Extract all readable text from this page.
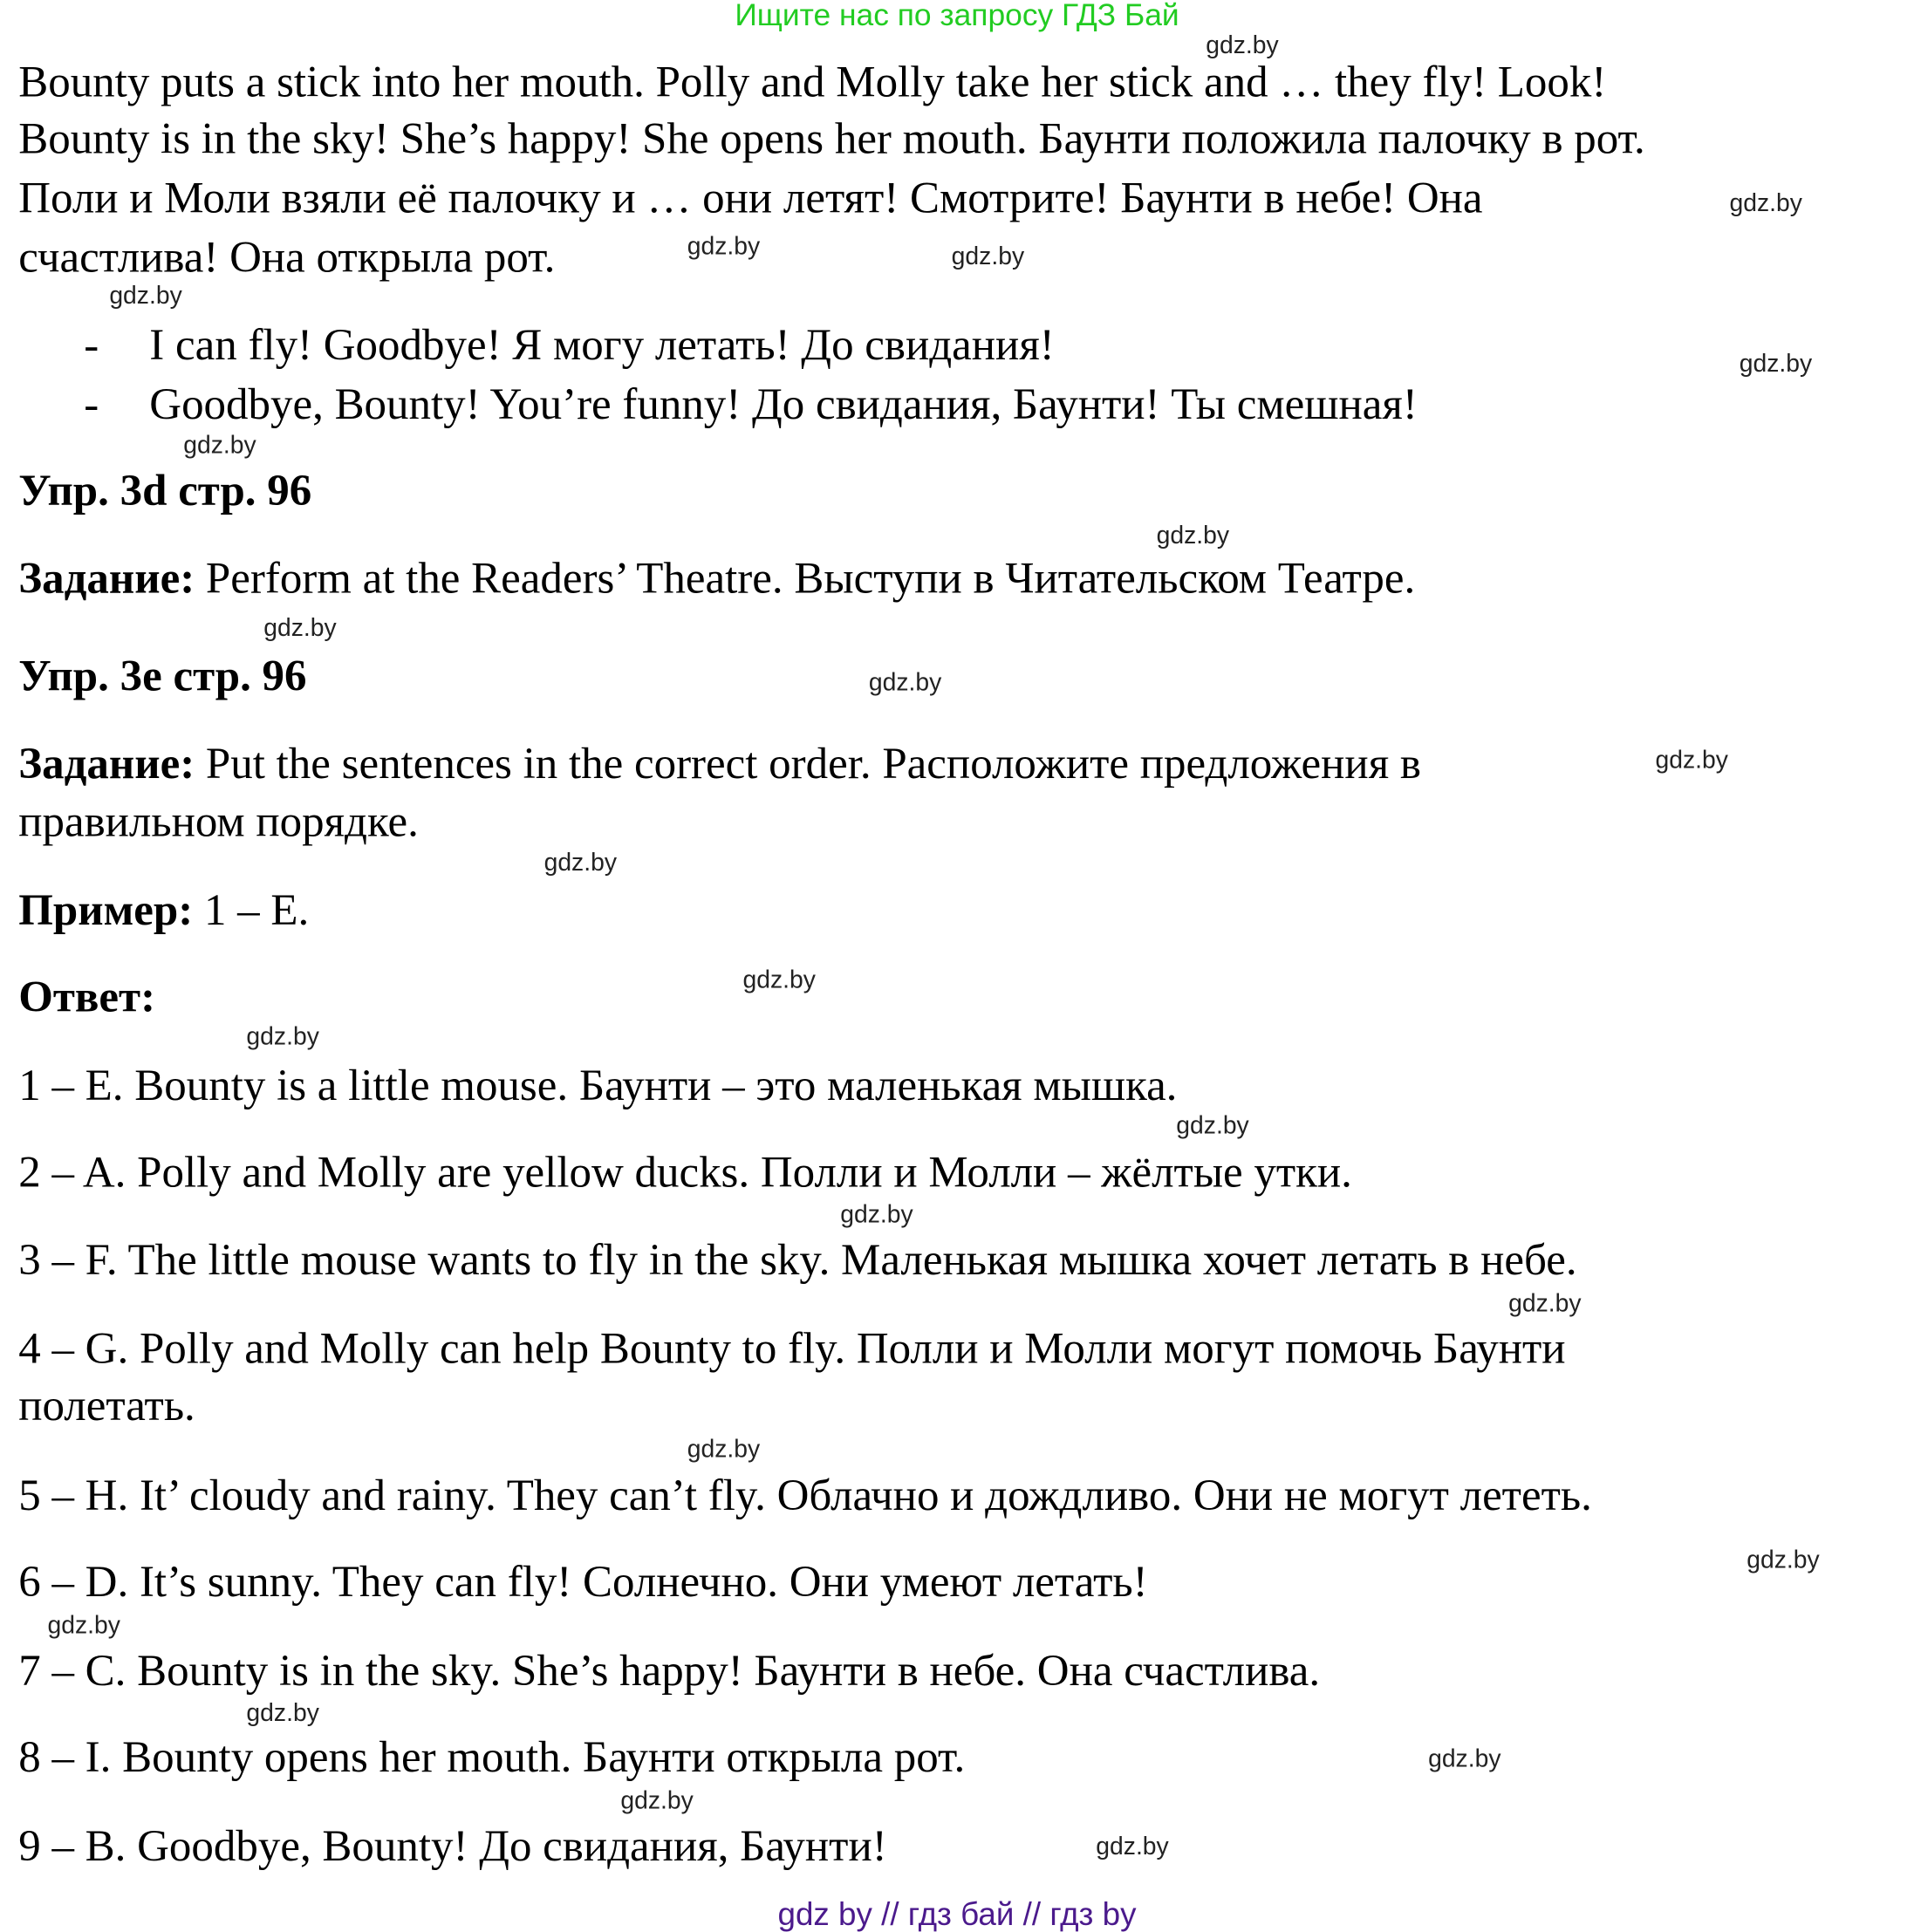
Ищите нас по запросу ГДЗ Бай
Bounty puts a stick into her mouth. Polly and Molly take her stick and … they fly! Look!
Bounty is in the sky! She’s happy! She opens her mouth. Баунти положила палочку в рот.
Поли и Моли взяли её палочку и … они летят! Смотрите! Баунти в небе! Она
счастлива! Она открыла рот.
- I can fly! Goodbye! Я могу летать! До свидания!
- Goodbye, Bounty! You’re funny! До свидания, Баунти! Ты смешная!
Упр. 3d стр. 96
Задание: Perform at the Readers’ Theatre. Выступи в Читательском Театре.
Упр. 3e стр. 96
Задание: Put the sentences in the correct order. Расположите предложения в
правильном порядке.
Пример: 1 – E.
Ответ:
1 – E. Bounty is a little mouse. Баунти – это маленькая мышка.
2 – A. Polly and Molly are yellow ducks. Полли и Молли – жёлтые утки.
3 – F. The little mouse wants to fly in the sky. Маленькая мышка хочет летать в небе.
4 – G. Polly and Molly can help Bounty to fly. Полли и Молли могут помочь Баунти
полетать.
5 – H. It’ cloudy and rainy. They can’t fly. Облачно и дождливо. Они не могут лететь.
6 – D. It’s sunny. They can fly! Солнечно. Они умеют летать!
7 – C. Bounty is in the sky. She’s happy! Баунти в небе. Она счастлива.
8 – I. Bounty opens her mouth. Баунти открыла рот.
9 – B. Goodbye, Bounty! До свидания, Баунти!
gdz.by
gdz.by
gdz.by
gdz.by
gdz.by
gdz.by
gdz.by
gdz.by
gdz.by
gdz.by
gdz.by
gdz.by
gdz.by
gdz.by
gdz.by
gdz.by
gdz.by
gdz.by
gdz.by
gdz.by
gdz.by
gdz.by
gdz.by
gdz.by
gdz by // гдз бай // гдз by
